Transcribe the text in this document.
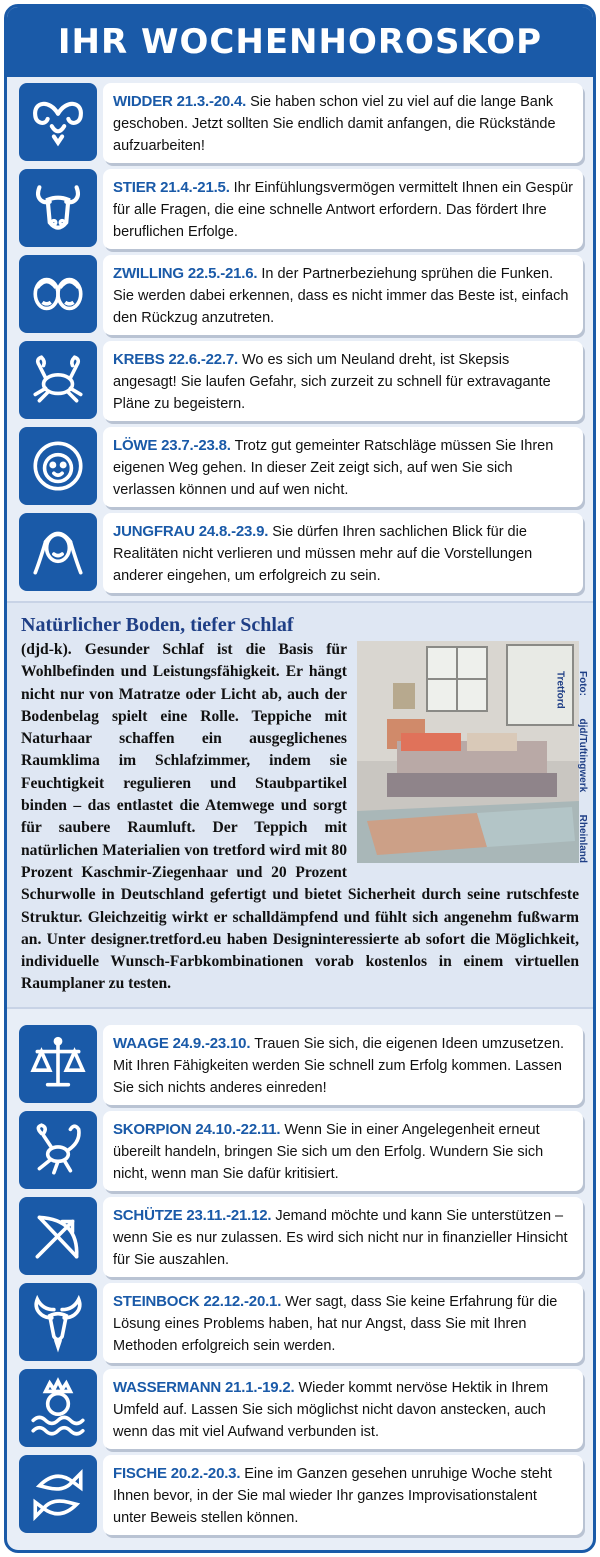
IHR WOCHENHOROSKOP
WIDDER 21.3.-20.4. Sie haben schon viel zu viel auf die lange Bank geschoben. Jetzt sollten Sie endlich damit anfangen, die Rückstände aufzuarbeiten!
STIER 21.4.-21.5. Ihr Einfühlungsvermögen vermittelt Ihnen ein Gespür für alle Fragen, die eine schnelle Antwort erfordern. Das fördert Ihre beruflichen Erfolge.
ZWILLING 22.5.-21.6. In der Partnerbeziehung sprühen die Funken. Sie werden dabei erkennen, dass es nicht immer das Beste ist, einfach den Rückzug anzutreten.
KREBS 22.6.-22.7. Wo es sich um Neuland dreht, ist Skepsis angesagt! Sie laufen Gefahr, sich zurzeit zu schnell für extravagante Pläne zu begeistern.
LÖWE 23.7.-23.8. Trotz gut gemeinter Ratschläge müssen Sie Ihren eigenen Weg gehen. In dieser Zeit zeigt sich, auf wen Sie sich verlassen können und auf wen nicht.
JUNGFRAU 24.8.-23.9. Sie dürfen Ihren sachlichen Blick für die Realitäten nicht verlieren und müssen mehr auf die Vorstellungen anderer eingehen, um erfolgreich zu sein.
Natürlicher Boden, tiefer Schlaf
Foto: djd/Tuftingwerk Rheinland Tretford
(djd-k). Gesunder Schlaf ist die Basis für Wohlbefinden und Leistungsfähigkeit. Er hängt nicht nur von Matratze oder Licht ab, auch der Bodenbelag spielt eine Rolle. Teppiche mit Naturhaar schaffen ein ausgeglichenes Raumklima im Schlafzimmer, indem sie Feuchtigkeit regulieren und Staubpartikel binden – das entlastet die Atemwege und sorgt für saubere Raumluft. Der Teppich mit natürlichen Materialien von tretford wird mit 80 Prozent Kaschmir-Ziegenhaar und 20 Prozent Schurwolle in Deutschland gefertigt und bietet Sicherheit durch seine rutschfeste Struktur. Gleichzeitig wirkt er schalldämpfend und fühlt sich angenehm fußwarm an. Unter designer.tretford.eu haben Designinteressierte ab sofort die Möglichkeit, individuelle Wunsch-Farbkombinationen vorab kostenlos in einem virtuellen Raumplaner zu testen.
WAAGE 24.9.-23.10. Trauen Sie sich, die eigenen Ideen umzusetzen. Mit Ihren Fähigkeiten werden Sie schnell zum Erfolg kommen. Lassen Sie sich nichts anderes einreden!
SKORPION 24.10.-22.11. Wenn Sie in einer Angelegenheit erneut übereilt handeln, bringen Sie sich um den Erfolg. Wundern Sie sich nicht, wenn man Sie dafür kritisiert.
SCHÜTZE 23.11.-21.12. Jemand möchte und kann Sie unterstützen – wenn Sie es nur zulassen. Es wird sich nicht nur in finanzieller Hinsicht für Sie auszahlen.
STEINBOCK 22.12.-20.1. Wer sagt, dass Sie keine Erfahrung für die Lösung eines Problems haben, hat nur Angst, dass Sie mit Ihren Methoden erfolgreich sein werden.
WASSERMANN 21.1.-19.2. Wieder kommt nervöse Hektik in Ihrem Umfeld auf. Lassen Sie sich möglichst nicht davon anstecken, auch wenn das mit viel Aufwand verbunden ist.
FISCHE 20.2.-20.3. Eine im Ganzen gesehen unruhige Woche steht Ihnen bevor, in der Sie mal wieder Ihr ganzes Improvisationstalent unter Beweis stellen können.
